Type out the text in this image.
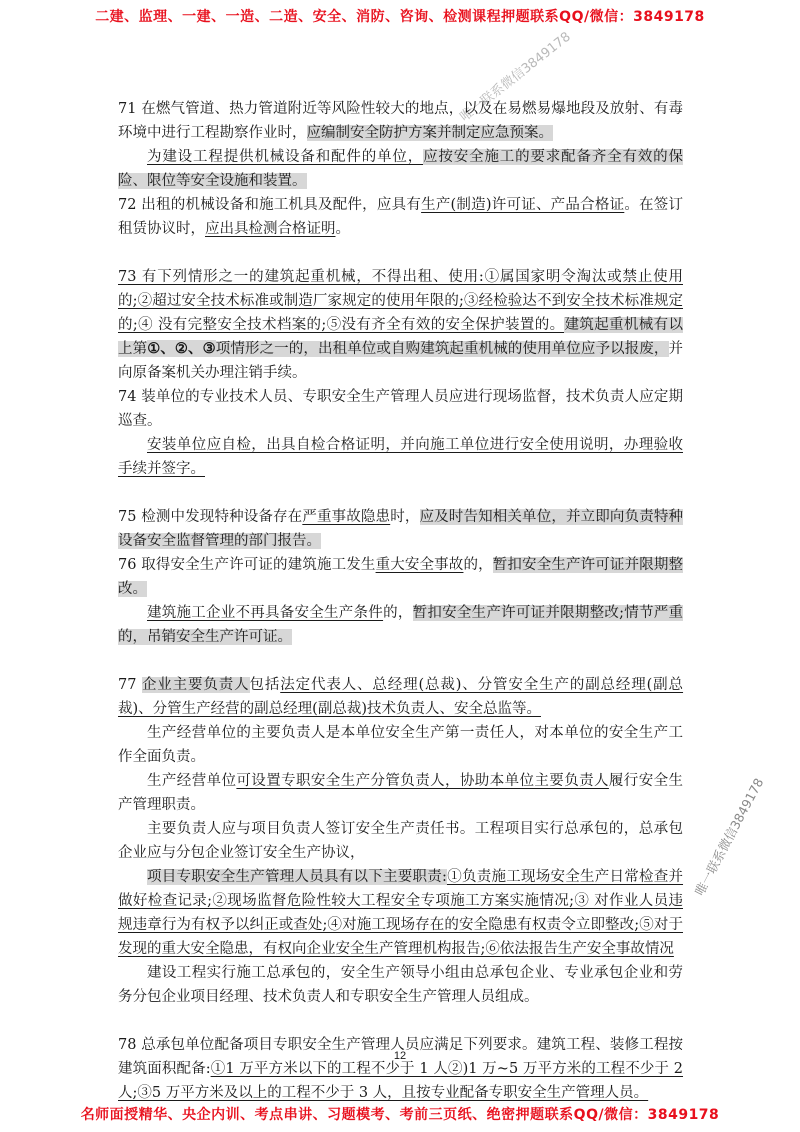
二建、监理、一建、一造、二造、安全、消防、咨询、检测课程押题联系QQ/微信：3849178
唯一联系微信3849178
唯一联系微信3849178

71 在燃气管道、热力管道附近等风险性较大的地点，以及在易燃易爆地段及放射、有毒环境中进行工程勘察作业时，应编制安全防护方案并制定应急预案。

为建设工程提供机械设备和配件的单位，应按安全施工的要求配备齐全有效的保险、限位等安全设施和装置。

72 出租的机械设备和施工机具及配件，应具有生产(制造)许可证、产品合格证。在签订租赁协议时，应出具检测合格证明。

73 有下列情形之一的建筑起重机械，不得出租、使用:①属国家明令淘汰或禁止使用的;②超过安全技术标准或制造厂家规定的使用年限的;③经检验达不到安全技术标准规定的;④ 没有完整安全技术档案的;⑤没有齐全有效的安全保护装置的。建筑起重机械有以上第①、②、③项情形之一的，出租单位或自购建筑起重机械的使用单位应予以报废，并向原备案机关办理注销手续。

74 装单位的专业技术人员、专职安全生产管理人员应进行现场监督，技术负责人应定期巡查。

安装单位应自检，出具自检合格证明，并向施工单位进行安全使用说明，办理验收手续并签字。

75 检测中发现特种设备存在严重事故隐患时，应及时告知相关单位，并立即向负责特种设备安全监督管理的部门报告。

76 取得安全生产许可证的建筑施工发生重大安全事故的，暂扣安全生产许可证并限期整改。

建筑施工企业不再具备安全生产条件的，暂扣安全生产许可证并限期整改;情节严重的，吊销安全生产许可证。

77 企业主要负责人包括法定代表人、总经理(总裁)、分管安全生产的副总经理(副总裁)、分管生产经营的副总经理(副总裁)技术负责人、安全总监等。

生产经营单位的主要负责人是本单位安全生产第一责任人，对本单位的安全生产工作全面负责。

生产经营单位可设置专职安全生产分管负责人，协助本单位主要负责人履行安全生产管理职责。

主要负责人应与项目负责人签订安全生产责任书。工程项目实行总承包的，总承包企业应与分包企业签订安全生产协议，

项目专职安全生产管理人员具有以下主要职责:①负责施工现场安全生产日常检查并做好检查记录;②现场监督危险性较大工程安全专项施工方案实施情况;③ 对作业人员违规违章行为有权予以纠正或查处;④对施工现场存在的安全隐患有权责令立即整改;⑤对于发现的重大安全隐患，有权向企业安全生产管理机构报告;⑥依法报告生产安全事故情况

建设工程实行施工总承包的，安全生产领导小组由总承包企业、专业承包企业和劳务分包企业项目经理、技术负责人和专职安全生产管理人员组成。

78 总承包单位配备项目专职安全生产管理人员应满足下列要求。建筑工程、装修工程按建筑面积配备:①1 万平方米以下的工程不少于 1 人②)1 万~5 万平方米的工程不少于 2 人;③5 万平方米及以上的工程不少于 3 人，且按专业配备专职安全生产管理人员。

12
名师面授精华、央企内训、考点串讲、习题模考、考前三页纸、绝密押题联系QQ/微信：3849178
